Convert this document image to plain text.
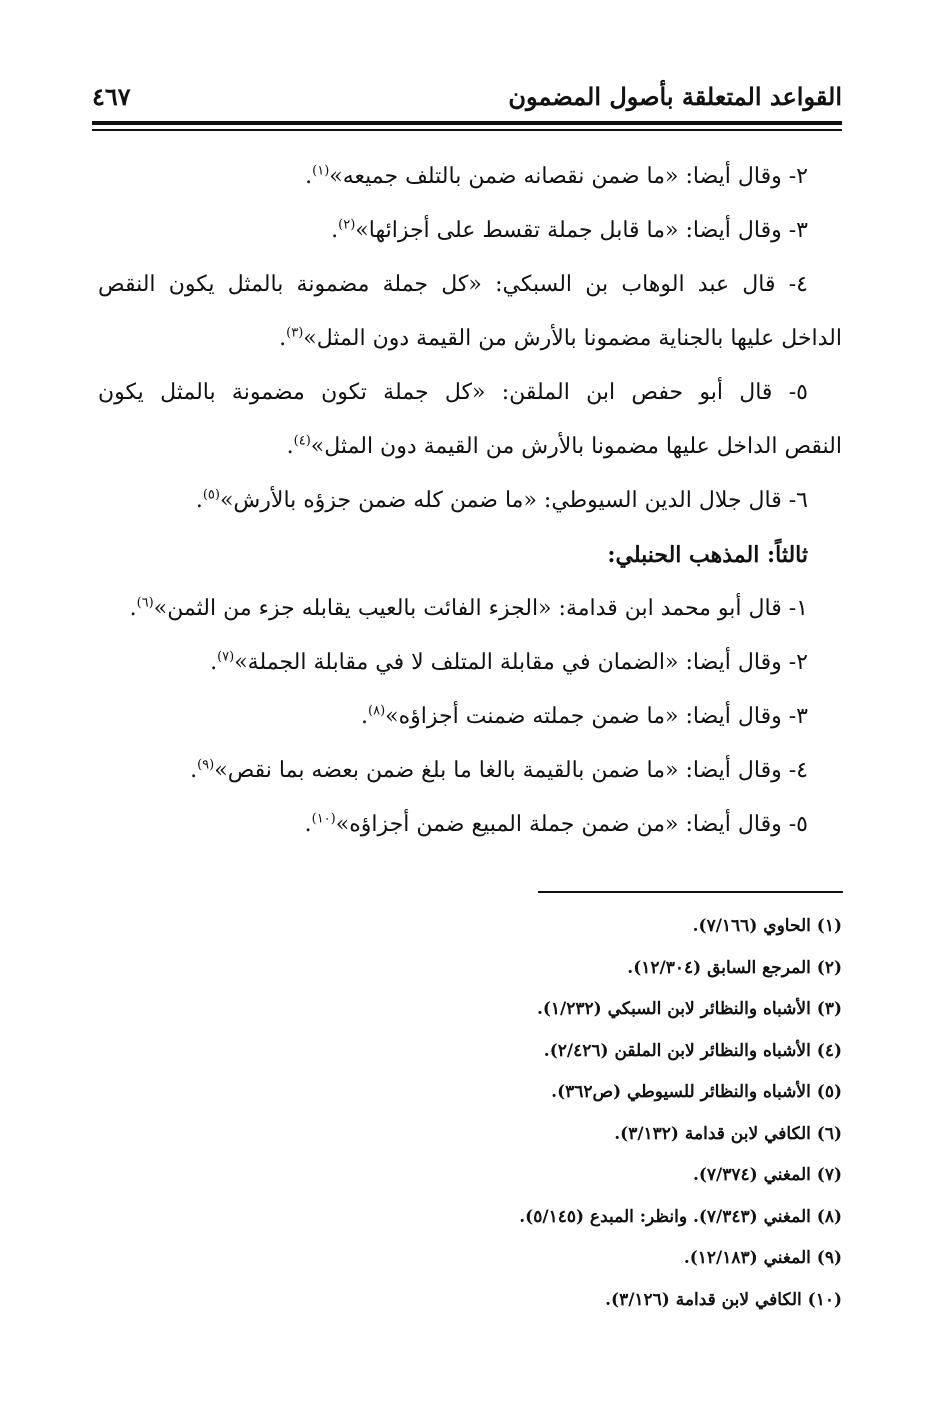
القواعد المتعلقة بأصول المضمون
٤٦٧
٢- وقال أيضا: «ما ضمن نقصانه ضمن بالتلف جميعه»$^{(١)}$.
٣- وقال أيضا: «ما قابل جملة تقسط على أجزائها»$^{(٢)}$.
٤- قال عبد الوهاب بن السبكي: «كل جملة مضمونة بالمثل يكون النقص
الداخل عليها بالجناية مضمونا بالأرش من القيمة دون المثل»$^{(٣)}$.
٥- قال أبو حفص ابن الملقن: «كل جملة تكون مضمونة بالمثل يكون
النقص الداخل عليها مضمونا بالأرش من القيمة دون المثل»$^{(٤)}$.
٦- قال جلال الدين السيوطي: «ما ضمن كله ضمن جزؤه بالأرش»$^{(٥)}$.
ثالثاً: المذهب الحنبلي:
١- قال أبو محمد ابن قدامة: «الجزء الفائت بالعيب يقابله جزء من الثمن»$^{(٦)}$.
٢- وقال أيضا: «الضمان في مقابلة المتلف لا في مقابلة الجملة»$^{(٧)}$.
٣- وقال أيضا: «ما ضمن جملته ضمنت أجزاؤه»$^{(٨)}$.
٤- وقال أيضا: «ما ضمن بالقيمة بالغا ما بلغ ضمن بعضه بما نقص»$^{(٩)}$.
٥- وقال أيضا: «من ضمن جملة المبيع ضمن أجزاؤه»$^{(١٠)}$.
(١) الحاوي (٧/١٦٦).
(٢) المرجع السابق (١٢/٣٠٤).
(٣) الأشباه والنظائر لابن السبكي (١/٢٣٢).
(٤) الأشباه والنظائر لابن الملقن (٢/٤٢٦).
(٥) الأشباه والنظائر للسيوطي (ص٣٦٢).
(٦) الكافي لابن قدامة (٣/١٣٢).
(٧) المغني (٧/٣٧٤).
(٨) المغني (٧/٣٤٣). وانظر: المبدع (٥/١٤٥).
(٩) المغني (١٢/١٨٣).
(١٠) الكافي لابن قدامة (٣/١٢٦).
